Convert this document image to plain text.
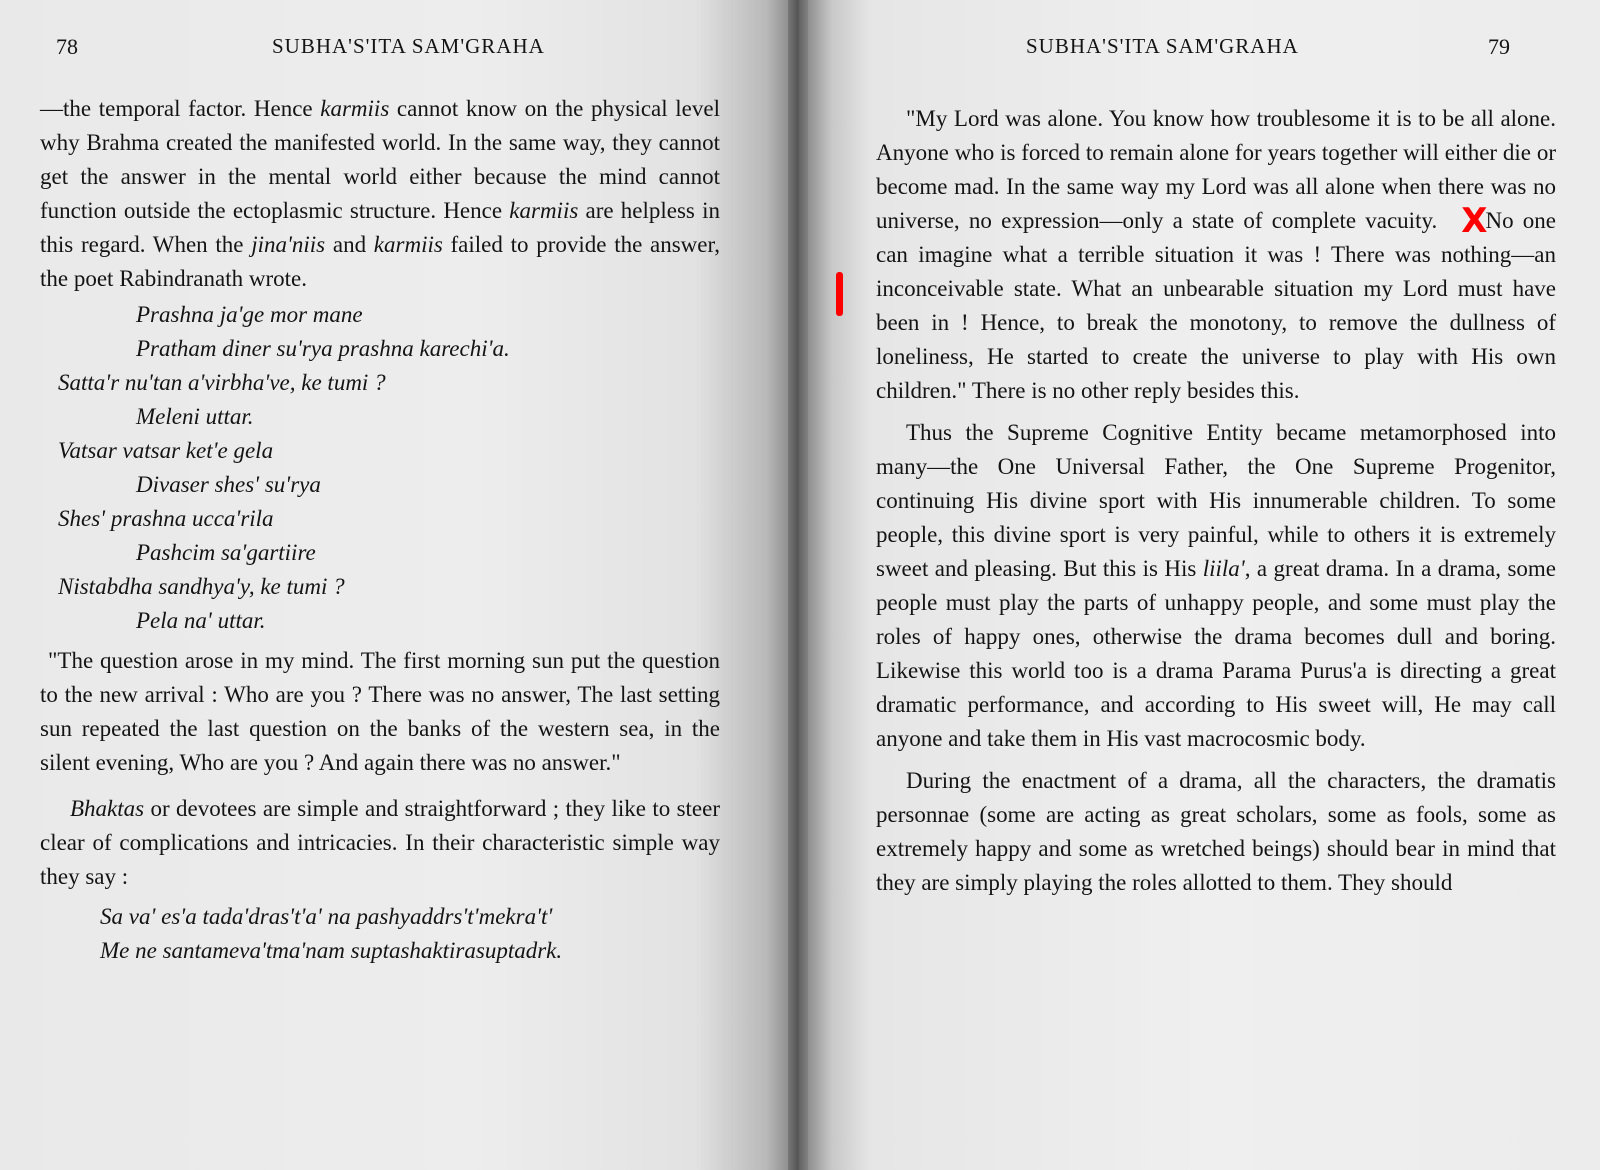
78	SUBHA'S'ITA SAM'GRAHA

—the temporal factor. Hence karmiis cannot know on the physical level why Brahma created the manifested world. In the same way, they cannot get the answer in the mental world either because the mind cannot function outside the ectoplasmic structure. Hence karmiis are helpless in this regard. When the jina'niis and karmiis failed to provide the answer, the poet Rabindranath wrote.

Prashna ja'ge mor mane
Pratham diner su'rya prashna karechi'a.
Satta'r nu'tan a'virbha've, ke tumi ?
Meleni uttar.
Vatsar vatsar ket'e gela
Divaser shes' su'rya
Shes' prashna ucca'rila
Pashcim sa'gartiire
Nistabdha sandhya'y, ke tumi ?
Pela na' uttar.

"The question arose in my mind. The first morning sun put the question to the new arrival : Who are you ? There was no answer, The last setting sun repeated the last question on the banks of the western sea, in the silent evening, Who are you ? And again there was no answer."

Bhaktas or devotees are simple and straightforward ; they like to steer clear of complications and intricacies. In their characteristic simple way they say :

Sa va' es'a tada'dras't'a' na pashyaddrs't'mekra't'
Me ne santameva'tma'nam suptashaktirasuptadrk.
SUBHA'S'ITA SAM'GRAHA	79

"My Lord was alone. You know how troublesome it is to be all alone. Anyone who is forced to remain alone for years together will either die or become mad. In the same way my Lord was all alone when there was no universe, no expression—only a state of complete vacuity. XNo one can imagine what a terrible situation it was ! There was nothing—an inconceivable state. What an unbearable situation my Lord must have been in ! Hence, to break the monotony, to remove the dullness of loneliness, He started to create the universe to play with His own children." There is no other reply besides this.

Thus the Supreme Cognitive Entity became metamorphosed into many—the One Universal Father, the One Supreme Progenitor, continuing His divine sport with His innumerable children. To some people, this divine sport is very painful, while to others it is extremely sweet and pleasing. But this is His liila', a great drama. In a drama, some people must play the parts of unhappy people, and some must play the roles of happy ones, otherwise the drama becomes dull and boring. Likewise this world too is a drama Parama Purus'a is directing a great dramatic performance, and according to His sweet will, He may call anyone and take them in His vast macrocosmic body.

During the enactment of a drama, all the characters, the dramatis personnae (some are acting as great scholars, some as fools, some as extremely happy and some as wretched beings) should bear in mind that they are simply playing the roles allotted to them. They should
